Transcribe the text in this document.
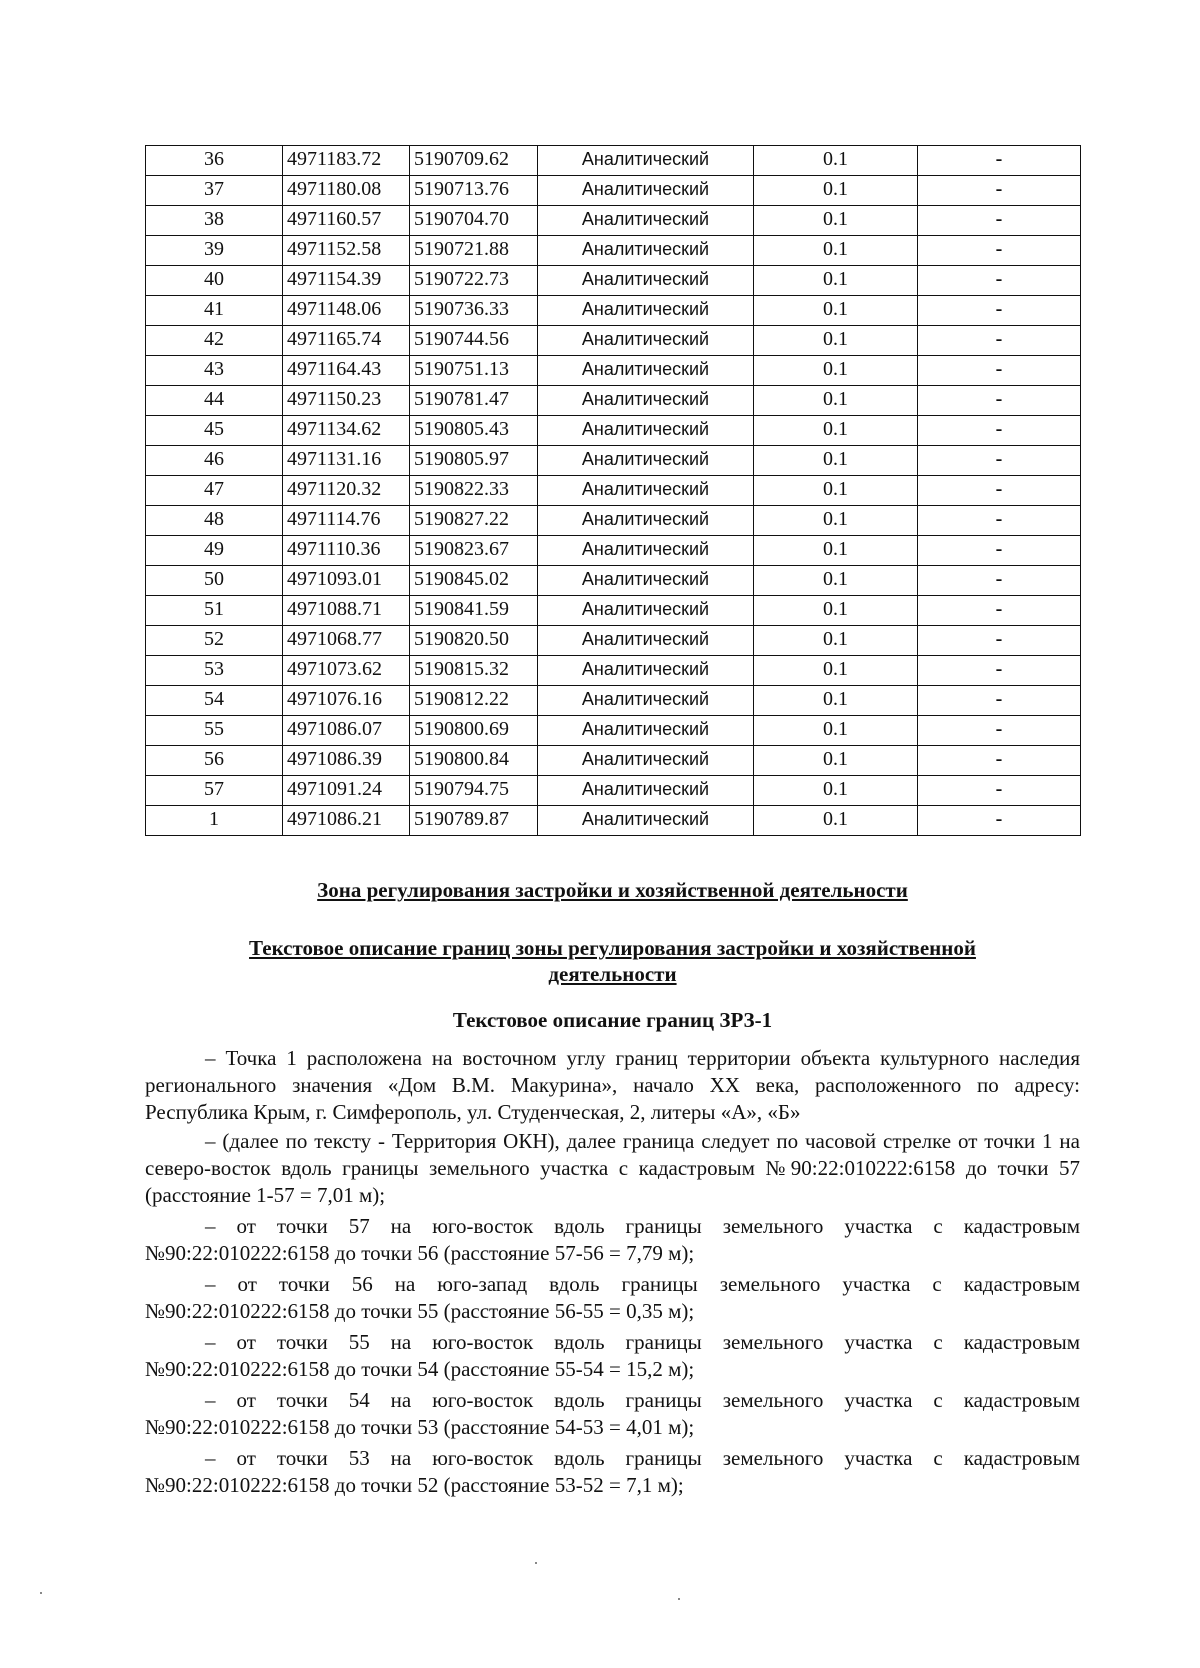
36	4971183.72	5190709.62	Аналитический	0.1	-
37	4971180.08	5190713.76	Аналитический	0.1	-
38	4971160.57	5190704.70	Аналитический	0.1	-
39	4971152.58	5190721.88	Аналитический	0.1	-
40	4971154.39	5190722.73	Аналитический	0.1	-
41	4971148.06	5190736.33	Аналитический	0.1	-
42	4971165.74	5190744.56	Аналитический	0.1	-
43	4971164.43	5190751.13	Аналитический	0.1	-
44	4971150.23	5190781.47	Аналитический	0.1	-
45	4971134.62	5190805.43	Аналитический	0.1	-
46	4971131.16	5190805.97	Аналитический	0.1	-
47	4971120.32	5190822.33	Аналитический	0.1	-
48	4971114.76	5190827.22	Аналитический	0.1	-
49	4971110.36	5190823.67	Аналитический	0.1	-
50	4971093.01	5190845.02	Аналитический	0.1	-
51	4971088.71	5190841.59	Аналитический	0.1	-
52	4971068.77	5190820.50	Аналитический	0.1	-
53	4971073.62	5190815.32	Аналитический	0.1	-
54	4971076.16	5190812.22	Аналитический	0.1	-
55	4971086.07	5190800.69	Аналитический	0.1	-
56	4971086.39	5190800.84	Аналитический	0.1	-
57	4971091.24	5190794.75	Аналитический	0.1	-
1	4971086.21	5190789.87	Аналитический	0.1	-
Зона регулирования застройки и хозяйственной деятельности
Текстовое описание границ зоны регулирования застройки и хозяйственной
деятельности
Текстовое описание границ ЗРЗ-1

– Точка 1 расположена на восточном углу границ территории объекта культурного наследия регионального значения «Дом В.М. Макурина», начало ХХ века, расположенного по адресу: Республика Крым, г. Симферополь, ул. Студенческая, 2, литеры «А», «Б»

– (далее по тексту - Территория ОКН), далее граница следует по часовой стрелке от точки 1 на северо-восток вдоль границы земельного участка с кадастровым №90:22:010222:6158 до точки 57 (расстояние 1-57 = 7,01 м);

– от точки 57 на юго-восток вдоль границы земельного участка с кадастровым №90:22:010222:6158 до точки 56 (расстояние 57-56 = 7,79 м);

– от точки 56 на юго-запад вдоль границы земельного участка с кадастровым №90:22:010222:6158 до точки 55 (расстояние 56-55 = 0,35 м);

– от точки 55 на юго-восток вдоль границы земельного участка с кадастровым №90:22:010222:6158 до точки 54 (расстояние 55-54 = 15,2 м);

– от точки 54 на юго-восток вдоль границы земельного участка с кадастровым №90:22:010222:6158 до точки 53 (расстояние 54-53 = 4,01 м);

– от точки 53 на юго-восток вдоль границы земельного участка с кадастровым №90:22:010222:6158 до точки 52 (расстояние 53-52 = 7,1 м);
